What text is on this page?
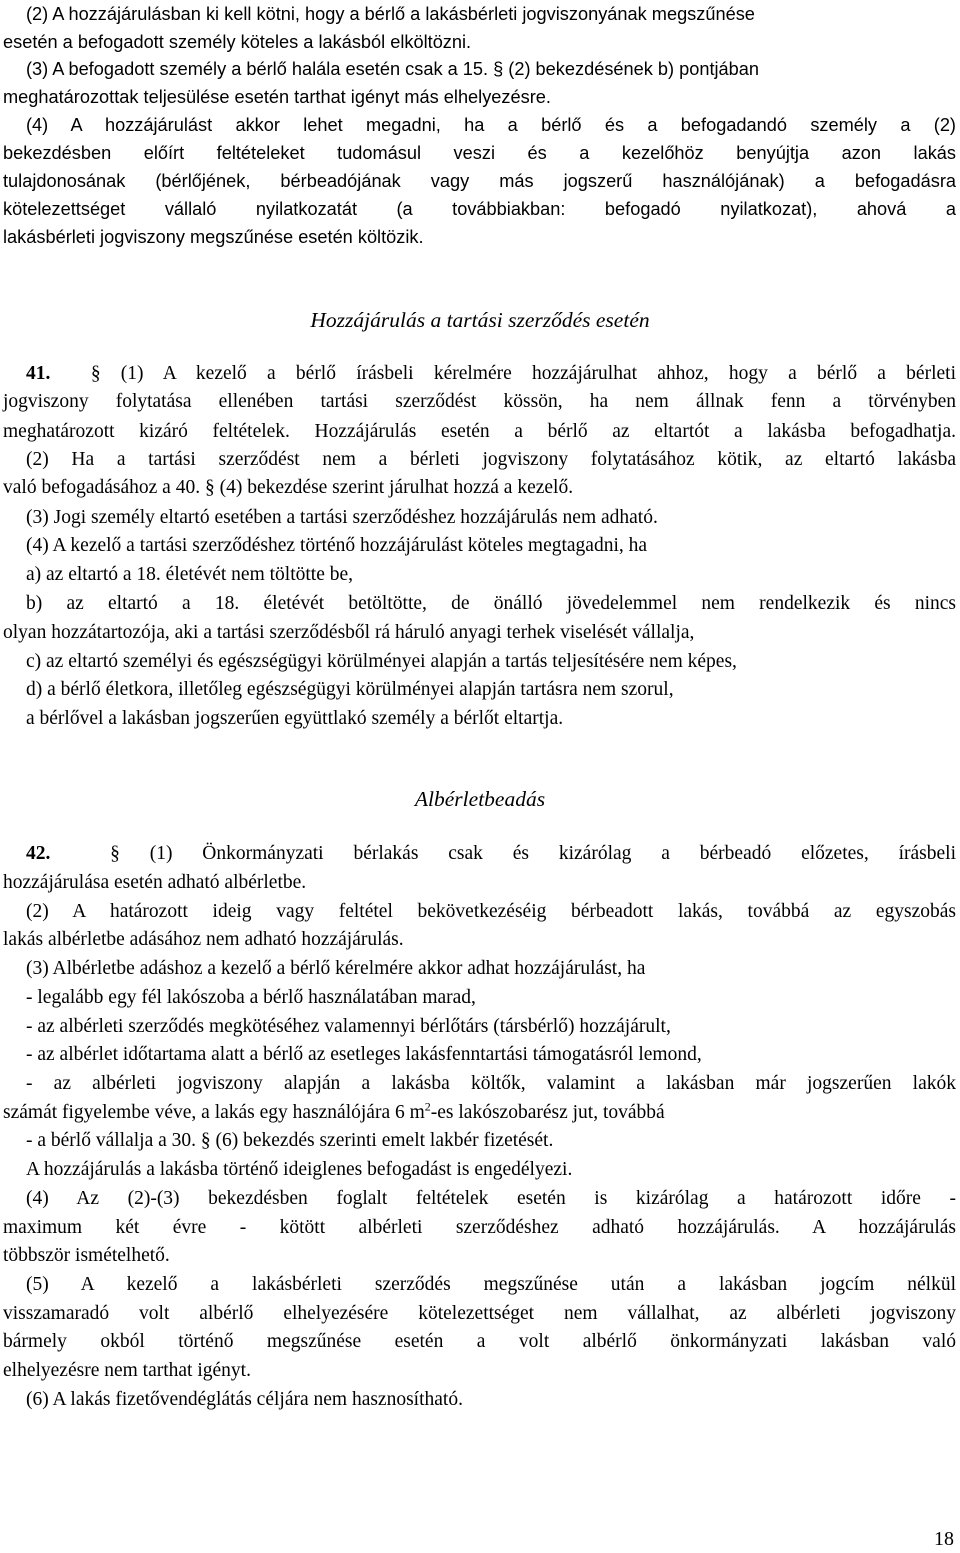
(2) A hozzájárulásban ki kell kötni, hogy a bérlő a lakásbérleti jogviszonyának megszűnése
esetén a befogadott személy köteles a lakásból elköltözni.
(3) A befogadott személy a bérlő halála esetén csak a 15. § (2) bekezdésének b) pontjában
meghatározottak teljesülése esetén tarthat igényt más elhelyezésre.
(4) A hozzájárulást akkor lehet megadni, ha a bérlő és a befogadandó személy a (2)
bekezdésben előírt feltételeket tudomásul veszi és a kezelőhöz benyújtja azon lakás
tulajdonosának (bérlőjének, bérbeadójának vagy más jogszerű használójának) a befogadásra
kötelezettséget vállaló nyilatkozatát (a továbbiakban: befogadó nyilatkozat), ahová a
lakásbérleti jogviszony megszűnése esetén költözik.
Hozzájárulás a tartási szerződés esetén
41. § (1) A kezelő a bérlő írásbeli kérelmére hozzájárulhat ahhoz, hogy a bérlő a bérleti
jogviszony folytatása ellenében tartási szerződést kössön, ha nem állnak fenn a törvényben
meghatározott kizáró feltételek. Hozzájárulás esetén a bérlő az eltartót a lakásba befogadhatja.
(2) Ha a tartási szerződést nem a bérleti jogviszony folytatásához kötik, az eltartó lakásba
való befogadásához a 40. § (4) bekezdése szerint járulhat hozzá a kezelő.
(3) Jogi személy eltartó esetében a tartási szerződéshez hozzájárulás nem adható.
(4) A kezelő a tartási szerződéshez történő hozzájárulást köteles megtagadni, ha
a) az eltartó a 18. életévét nem töltötte be,
b) az eltartó a 18. életévét betöltötte, de önálló jövedelemmel nem rendelkezik és nincs
olyan hozzátartozója, aki a tartási szerződésből rá háruló anyagi terhek viselését vállalja,
c) az eltartó személyi és egészségügyi körülményei alapján a tartás teljesítésére nem képes,
d) a bérlő életkora, illetőleg egészségügyi körülményei alapján tartásra nem szorul,
a bérlővel a lakásban jogszerűen együttlakó személy a bérlőt eltartja.
Albérletbeadás
42.	§ (1) Önkormányzati bérlakás csak és kizárólag a bérbeadó előzetes, írásbeli
hozzájárulása esetén adható albérletbe.
(2) A határozott ideig vagy feltétel bekövetkezéséig bérbeadott lakás, továbbá az egyszobás
lakás albérletbe adásához nem adható hozzájárulás.
(3) Albérletbe adáshoz a kezelő a bérlő kérelmére akkor adhat hozzájárulást, ha
- legalább egy fél lakószoba a bérlő használatában marad,
- az albérleti szerződés megkötéséhez valamennyi bérlőtárs (társbérlő) hozzájárult,
- az albérlet időtartama alatt a bérlő az esetleges lakásfenntartási támogatásról lemond,
- az albérleti jogviszony alapján a lakásba költők, valamint a lakásban már jogszerűen lakók
számát figyelembe véve, a lakás egy használójára 6 $m^2-es$ lakószobarész jut, továbbá
- a bérlő vállalja a 30. § (6) bekezdés szerinti emelt lakbér fizetését.
A hozzájárulás a lakásba történő ideiglenes befogadást is engedélyezi.
(4) Az (2)-(3) bekezdésben foglalt feltételek esetén is kizárólag a határozott időre -
maximum két évre - kötött albérleti szerződéshez adható hozzájárulás. A hozzájárulás
többször ismételhető.
(5) A kezelő a lakásbérleti szerződés megszűnése után a lakásban jogcím nélkül
visszamaradó volt albérlő elhelyezésére kötelezettséget nem vállalhat, az albérleti jogviszony
bármely okból történő megszűnése esetén a volt albérlő önkormányzati lakásban való
elhelyezésre nem tarthat igényt.
(6) A lakás fizetővendéglátás céljára nem hasznosítható.
18
